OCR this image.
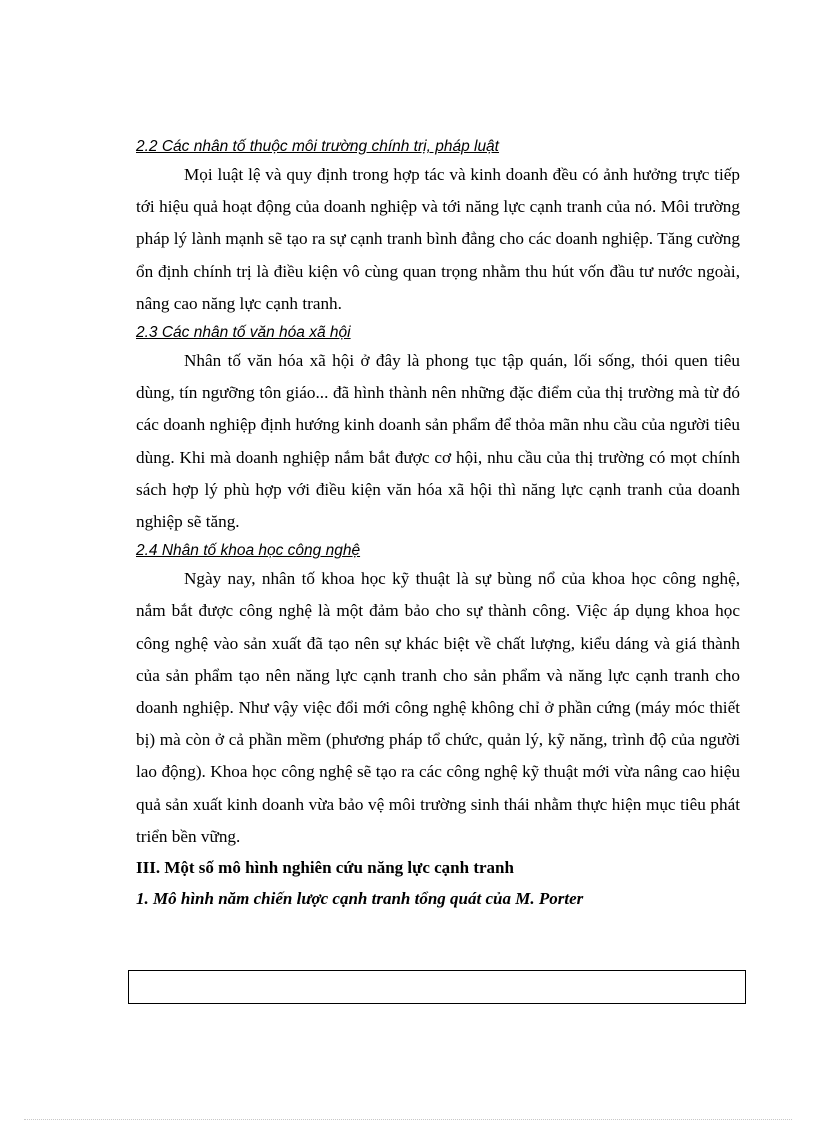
2.2 Các nhân tố thuộc môi trường chính trị, pháp luật

Mọi luật lệ và quy định trong hợp tác và kinh doanh đều có ảnh hưởng trực tiếp tới hiệu quả hoạt động của doanh nghiệp và tới năng lực cạnh tranh của nó. Môi trường pháp lý lành mạnh sẽ tạo ra sự cạnh tranh bình đẳng cho các doanh nghiệp. Tăng cường ổn định chính trị là điều kiện vô cùng quan trọng nhằm thu hút vốn đầu tư nước ngoài, nâng cao năng lực cạnh tranh.

2.3 Các nhân tố văn hóa xã hội

Nhân tố văn hóa xã hội ở đây là phong tục tập quán, lối sống, thói quen tiêu dùng, tín ngưỡng tôn giáo... đã hình thành nên những đặc điểm của thị trường mà từ đó các doanh nghiệp định hướng kinh doanh sản phẩm để thỏa mãn nhu cầu của người tiêu dùng. Khi mà doanh nghiệp nắm bắt được cơ hội, nhu cầu của thị trường có mọt chính sách hợp lý phù hợp với điều kiện văn hóa xã hội thì năng lực cạnh tranh của doanh nghiệp sẽ tăng.

2.4 Nhân tố khoa học công nghệ

Ngày nay, nhân tố khoa học kỹ thuật là sự bùng nổ của khoa học công nghệ, nắm bắt được công nghệ là một đảm bảo cho sự thành công. Việc áp dụng khoa học công nghệ vào sản xuất đã tạo nên sự khác biệt về chất lượng, kiểu dáng và giá thành của sản phẩm tạo nên năng lực cạnh tranh cho sản phẩm và năng lực cạnh tranh cho doanh nghiệp. Như vậy việc đổi mới công nghệ không chỉ ở phần cứng (máy móc thiết bị) mà còn ở cả phần mềm (phương pháp tổ chức, quản lý, kỹ năng, trình độ của người lao động). Khoa học công nghệ sẽ tạo ra các công nghệ kỹ thuật mới vừa nâng cao hiệu quả sản xuất kinh doanh vừa bảo vệ môi trường sinh thái nhằm thực hiện mục tiêu phát triển bền vững.

III. Một số mô hình nghiên cứu năng lực cạnh tranh

1. Mô hình năm chiến lược cạnh tranh tổng quát của M. Porter
